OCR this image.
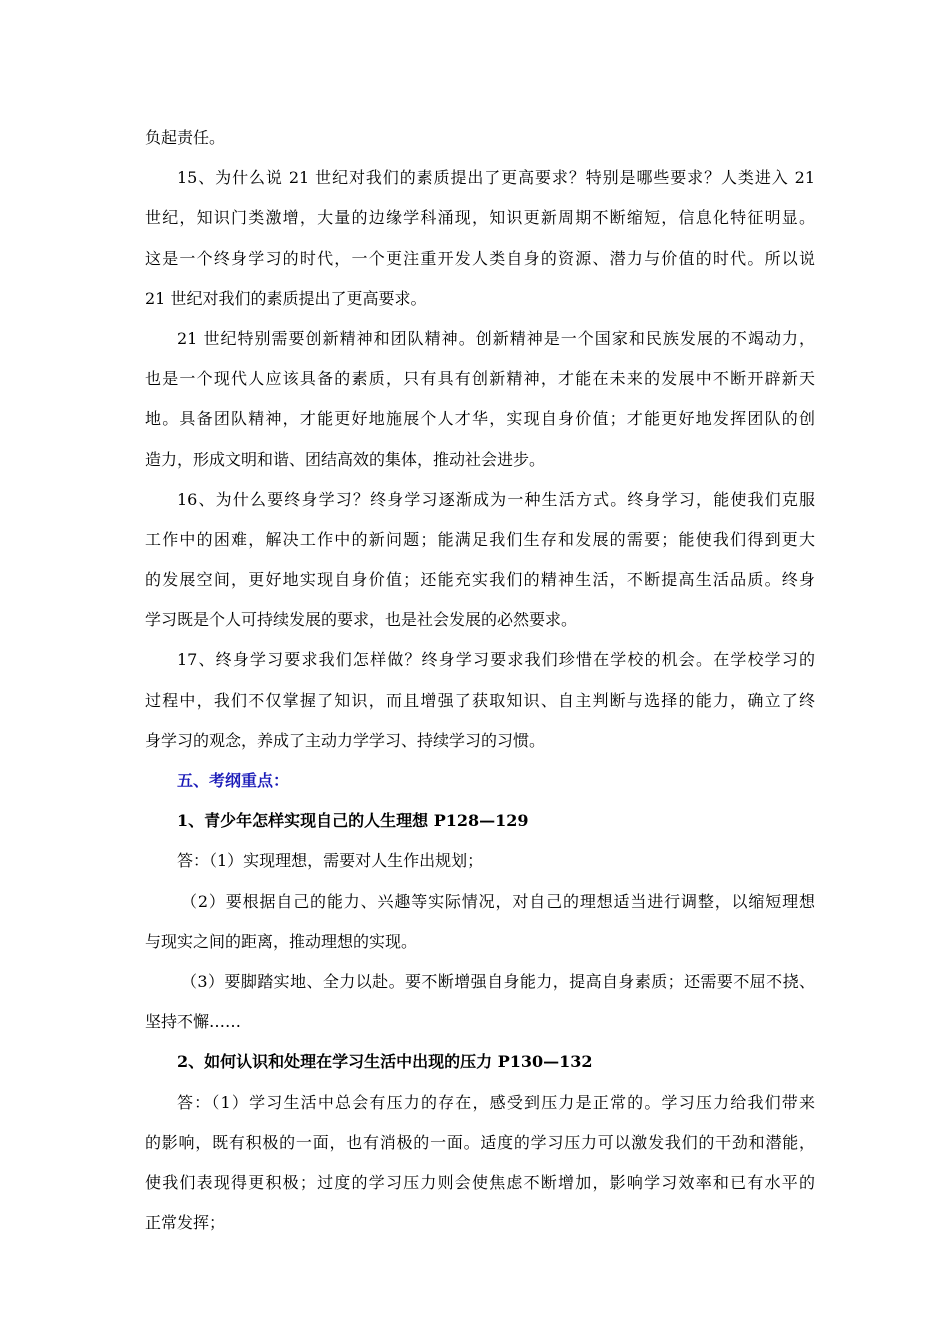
负起责任。
15、为什么说 21 世纪对我们的素质提出了更高要求？特别是哪些要求？人类进入 21
世纪，知识门类激增，大量的边缘学科涌现，知识更新周期不断缩短，信息化特征明显。
这是一个终身学习的时代，一个更注重开发人类自身的资源、潜力与价值的时代。所以说
21 世纪对我们的素质提出了更高要求。
21 世纪特别需要创新精神和团队精神。创新精神是一个国家和民族发展的不竭动力，
也是一个现代人应该具备的素质，只有具有创新精神，才能在未来的发展中不断开辟新天
地。具备团队精神，才能更好地施展个人才华，实现自身价值；才能更好地发挥团队的创
造力，形成文明和谐、团结高效的集体，推动社会进步。
16、为什么要终身学习？终身学习逐渐成为一种生活方式。终身学习，能使我们克服
工作中的困难，解决工作中的新问题；能满足我们生存和发展的需要；能使我们得到更大
的发展空间，更好地实现自身价值；还能充实我们的精神生活，不断提高生活品质。终身
学习既是个人可持续发展的要求，也是社会发展的必然要求。
17、终身学习要求我们怎样做？终身学习要求我们珍惜在学校的机会。在学校学习的
过程中，我们不仅掌握了知识，而且增强了获取知识、自主判断与选择的能力，确立了终
身学习的观念，养成了主动力学学习、持续学习的习惯。
五、考纲重点：
1、青少年怎样实现自己的人生理想 P128—129
答：（1）实现理想，需要对人生作出规划；
（2）要根据自己的能力、兴趣等实际情况，对自己的理想适当进行调整，以缩短理想
与现实之间的距离，推动理想的实现。
（3）要脚踏实地、全力以赴。要不断增强自身能力，提高自身素质；还需要不屈不挠、
坚持不懈……
2、如何认识和处理在学习生活中出现的压力 P130—132
答：（1）学习生活中总会有压力的存在，感受到压力是正常的。学习压力给我们带来
的影响，既有积极的一面，也有消极的一面。适度的学习压力可以激发我们的干劲和潜能，
使我们表现得更积极；过度的学习压力则会使焦虑不断增加，影响学习效率和已有水平的
正常发挥；
